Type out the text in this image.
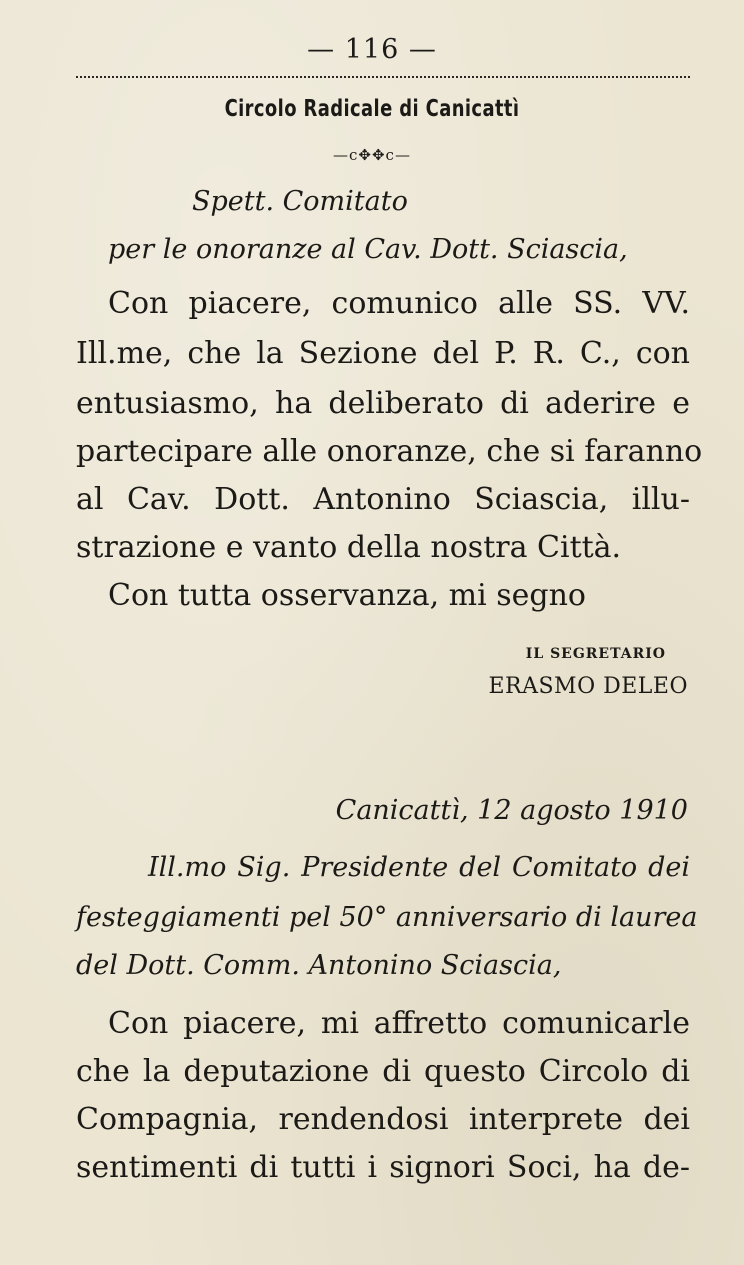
— 116 —
Circolo Radicale di Canicattì
—c✥✥c—
Spett. Comitato
per le onoranze al Cav. Dott. Sciascia,
Con piacere, comunico alle SS. VV.
Ill.me, che la Sezione del P. R. C., con
entusiasmo, ha deliberato di aderire e
partecipare alle onoranze, che si faranno
al Cav. Dott. Antonino Sciascia, illu-
strazione e vanto della nostra Città.
Con tutta osservanza, mi segno
IL SEGRETARIO
ERASMO DELEO
Canicattì, 12 agosto 1910
Ill.mo Sig. Presidente del Comitato dei
festeggiamenti pel 50° anniversario di laurea
del Dott. Comm. Antonino Sciascia,
Con piacere, mi affretto comunicarle
che la deputazione di questo Circolo di
Compagnia, rendendosi interprete dei
sentimenti di tutti i signori Soci, ha de-
